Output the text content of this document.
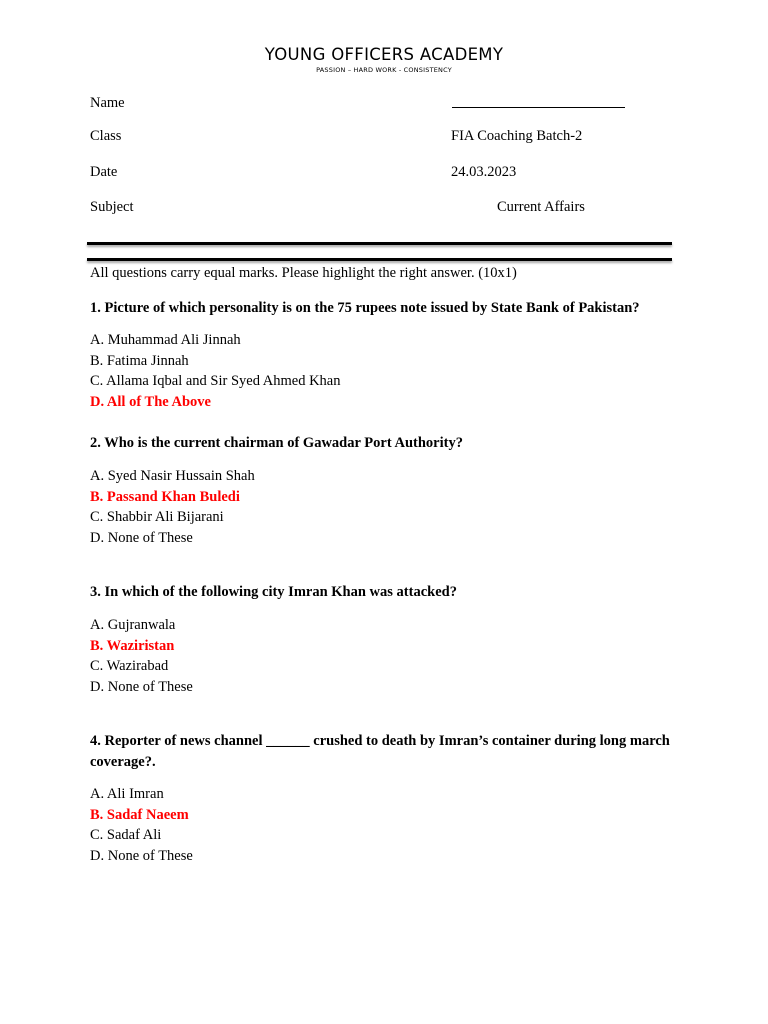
YOUNG OFFICERS ACADEMY
PASSION – HARD WORK - CONSISTENCY
Name
Class	FIA Coaching Batch-2
Date	24.03.2023
Subject	Current Affairs
All questions carry equal marks. Please highlight the right answer. (10x1)
1. Picture of which personality is on the 75 rupees note issued by State Bank of Pakistan?
A. Muhammad Ali Jinnah
B. Fatima Jinnah
C. Allama Iqbal and Sir Syed Ahmed Khan
D. All of The Above
2. Who is the current chairman of Gawadar Port Authority?
A. Syed Nasir Hussain Shah
B. Passand Khan Buledi
C. Shabbir Ali Bijarani
D. None of These
3. In which of the following city Imran Khan was attacked?
A. Gujranwala
B. Waziristan
C. Wazirabad
D. None of These
4. Reporter of news channel ______ crushed to death by Imran’s container during long march coverage?.
A. Ali Imran
B. Sadaf Naeem
C. Sadaf Ali
D. None of These
